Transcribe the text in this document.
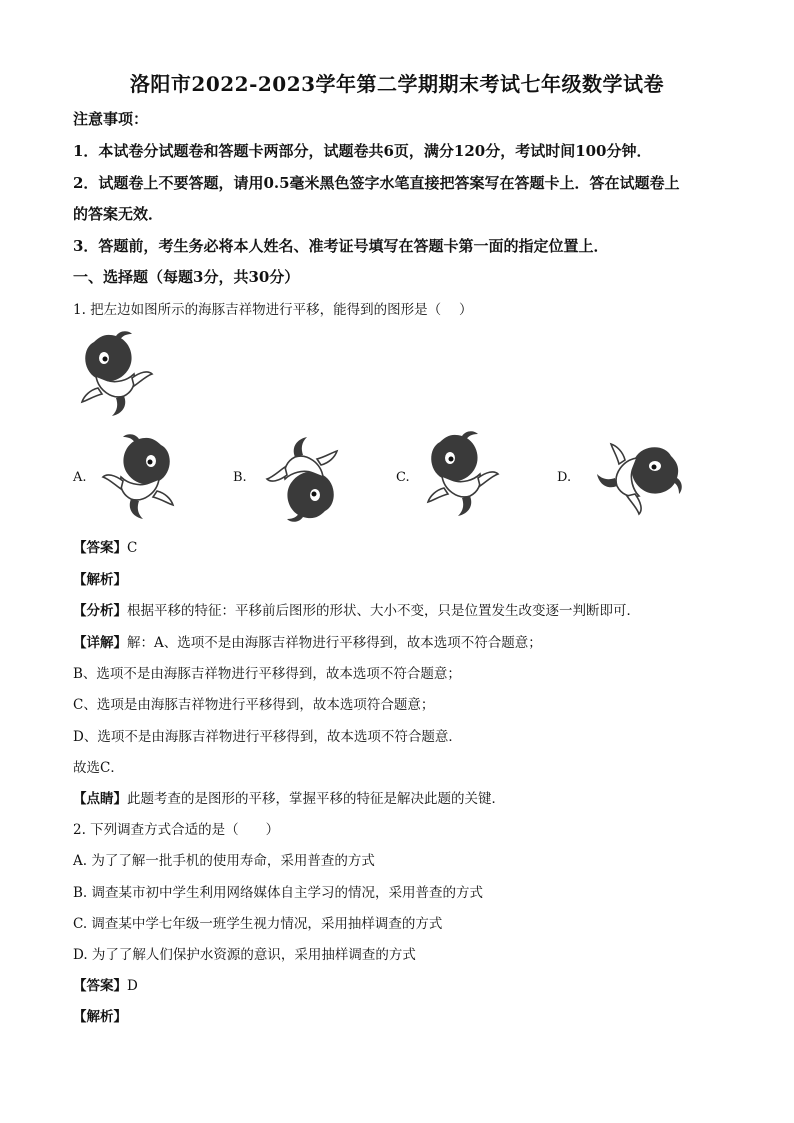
洛阳市2022-2023学年第二学期期末考试七年级数学试卷
注意事项：
1．本试卷分试题卷和答题卡两部分，试题卷共6页，满分120分，考试时间100分钟．
2．试题卷上不要答题，请用0.5毫米黑色签字水笔直接把答案写在答题卡上．答在试题卷上
的答案无效．
3．答题前，考生务必将本人姓名、准考证号填写在答题卡第一面的指定位置上．
一、选择题（每题3分，共30分）
1. 把左边如图所示的海豚吉祥物进行平移，能得到的图形是（　 ）
A.	B.	C.	D.
【答案】C
【解析】
【分析】根据平移的特征：平移前后图形的形状、大小不变，只是位置发生改变逐一判断即可．
【详解】解：A、选项不是由海豚吉祥物进行平移得到，故本选项不符合题意；
B、选项不是由海豚吉祥物进行平移得到，故本选项不符合题意；
C、选项是由海豚吉祥物进行平移得到，故本选项符合题意；
D、选项不是由海豚吉祥物进行平移得到，故本选项不符合题意．
故选C．
【点睛】此题考查的是图形的平移，掌握平移的特征是解决此题的关键．
2. 下列调查方式合适的是（　　）
A. 为了了解一批手机的使用寿命，采用普查的方式
B. 调查某市初中学生利用网络媒体自主学习的情况，采用普查的方式
C. 调查某中学七年级一班学生视力情况，采用抽样调查的方式
D. 为了了解人们保护水资源的意识，采用抽样调查的方式
【答案】D
【解析】
